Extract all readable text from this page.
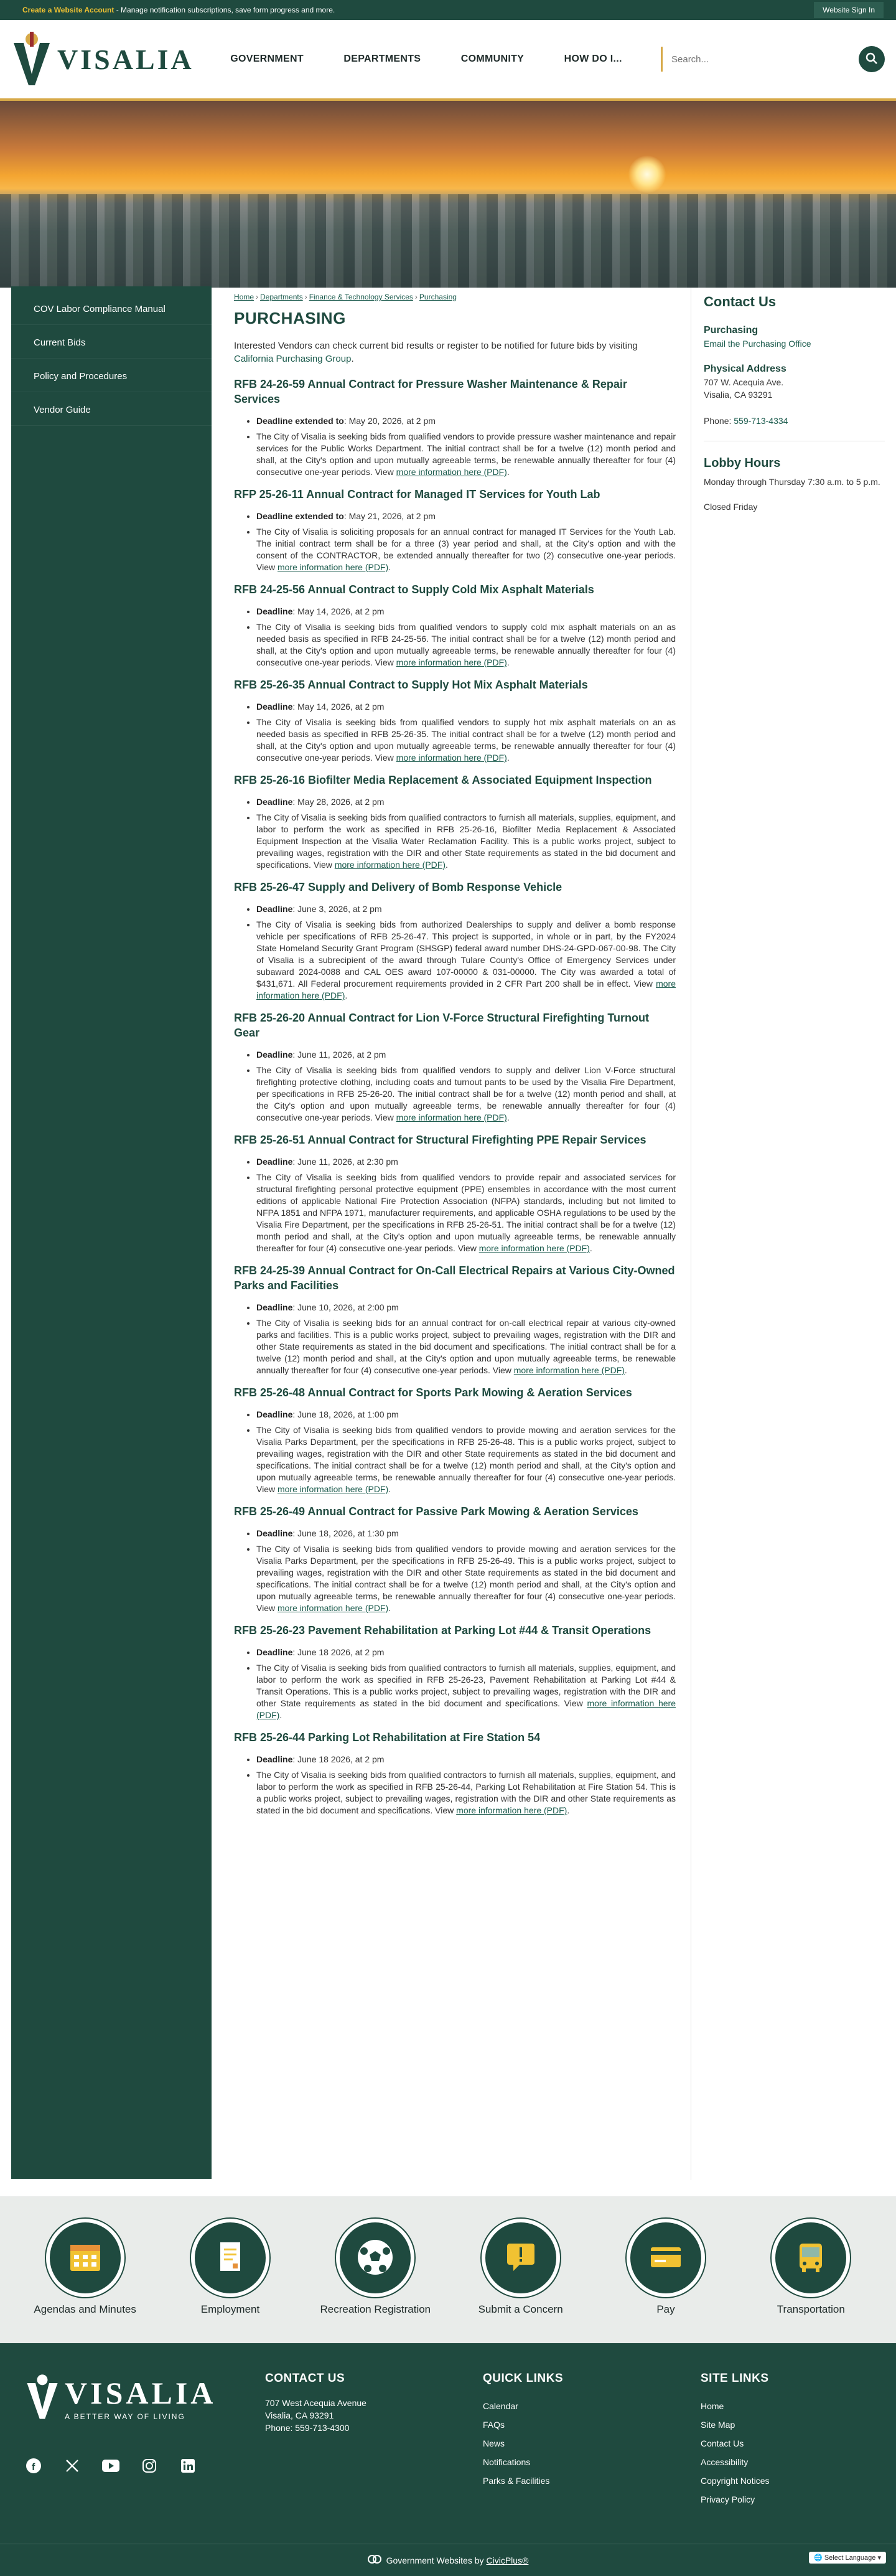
Create a Website Account - Manage notification subscriptions, save form progress and more.	Website Sign In
VISALIA	GOVERNMENT	DEPARTMENTS	COMMUNITY	HOW DO I...
Search...
COV Labor Compliance Manual
Current Bids
Policy and Procedures
Vendor Guide
Home › Departments › Finance & Technology Services › Purchasing
PURCHASING

Interested Vendors can check current bid results or register to be notified for future bids by visiting California Purchasing Group.

RFB 24-26-59 Annual Contract for Pressure Washer Maintenance & Repair Services
• Deadline extended to: May 20, 2026, at 2 pm
• The City of Visalia is seeking bids from qualified vendors to provide pressure washer maintenance and repair services for the Public Works Department. The initial contract shall be for a twelve (12) month period and shall, at the City's option and upon mutually agreeable terms, be renewable annually thereafter for four (4) consecutive one-year periods. View more information here (PDF).
RFP 25-26-11 Annual Contract for Managed IT Services for Youth Lab
• Deadline extended to: May 21, 2026, at 2 pm
• The City of Visalia is soliciting proposals for an annual contract for managed IT Services for the Youth Lab. The initial contract term shall be for a three (3) year period and shall, at the City's option and with the consent of the CONTRACTOR, be extended annually thereafter for two (2) consecutive one-year periods. View more information here (PDF).
RFB 24-25-56 Annual Contract to Supply Cold Mix Asphalt Materials
• Deadline: May 14, 2026, at 2 pm
• The City of Visalia is seeking bids from qualified vendors to supply cold mix asphalt materials on an as needed basis as specified in RFB 24-25-56. The initial contract shall be for a twelve (12) month period and shall, at the City's option and upon mutually agreeable terms, be renewable annually thereafter for four (4) consecutive one-year periods. View more information here (PDF).
RFB 25-26-35 Annual Contract to Supply Hot Mix Asphalt Materials
• Deadline: May 14, 2026, at 2 pm
• The City of Visalia is seeking bids from qualified vendors to supply hot mix asphalt materials on an as needed basis as specified in RFB 25-26-35. The initial contract shall be for a twelve (12) month period and shall, at the City's option and upon mutually agreeable terms, be renewable annually thereafter for four (4) consecutive one-year periods. View more information here (PDF).
RFB 25-26-16 Biofilter Media Replacement & Associated Equipment Inspection
• Deadline: May 28, 2026, at 2 pm
• The City of Visalia is seeking bids from qualified contractors to furnish all materials, supplies, equipment, and labor to perform the work as specified in RFB 25-26-16, Biofilter Media Replacement & Associated Equipment Inspection at the Visalia Water Reclamation Facility. This is a public works project, subject to prevailing wages, registration with the DIR and other State requirements as stated in the bid document and specifications. View more information here (PDF).
RFB 25-26-47 Supply and Delivery of Bomb Response Vehicle
• Deadline: June 3, 2026, at 2 pm
• The City of Visalia is seeking bids from authorized Dealerships to supply and deliver a bomb response vehicle per specifications of RFB 25-26-47. This project is supported, in whole or in part, by the FY2024 State Homeland Security Grant Program (SHSGP) federal award number DHS-24-GPD-067-00-98. The City of Visalia is a subrecipient of the award through Tulare County's Office of Emergency Services under subaward 2024-0088 and CAL OES award 107-00000 & 031-00000. The City was awarded a total of $431,671. All Federal procurement requirements provided in 2 CFR Part 200 shall be in effect. View more information here (PDF).
RFB 25-26-20 Annual Contract for Lion V-Force Structural Firefighting Turnout Gear
• Deadline: June 11, 2026, at 2 pm
• The City of Visalia is seeking bids from qualified vendors to supply and deliver Lion V-Force structural firefighting protective clothing, including coats and turnout pants to be used by the Visalia Fire Department, per specifications in RFB 25-26-20. The initial contract shall be for a twelve (12) month period and shall, at the City's option and upon mutually agreeable terms, be renewable annually thereafter for four (4) consecutive one-year periods. View more information here (PDF).
RFB 25-26-51 Annual Contract for Structural Firefighting PPE Repair Services
• Deadline: June 11, 2026, at 2:30 pm
• The City of Visalia is seeking bids from qualified vendors to provide repair and associated services for structural firefighting personal protective equipment (PPE) ensembles in accordance with the most current editions of applicable National Fire Protection Association (NFPA) standards, including but not limited to NFPA 1851 and NFPA 1971, manufacturer requirements, and applicable OSHA regulations to be used by the Visalia Fire Department, per the specifications in RFB 25-26-51. The initial contract shall be for a twelve (12) month period and shall, at the City's option and upon mutually agreeable terms, be renewable annually thereafter for four (4) consecutive one-year periods. View more information here (PDF).
RFB 24-25-39 Annual Contract for On-Call Electrical Repairs at Various City-Owned Parks and Facilities
• Deadline: June 10, 2026, at 2:00 pm
• The City of Visalia is seeking bids for an annual contract for on-call electrical repair at various city-owned parks and facilities. This is a public works project, subject to prevailing wages, registration with the DIR and other State requirements as stated in the bid document and specifications. The initial contract shall be for a twelve (12) month period and shall, at the City's option and upon mutually agreeable terms, be renewable annually thereafter for four (4) consecutive one-year periods. View more information here (PDF).
RFB 25-26-48 Annual Contract for Sports Park Mowing & Aeration Services
• Deadline: June 18, 2026, at 1:00 pm
• The City of Visalia is seeking bids from qualified vendors to provide mowing and aeration services for the Visalia Parks Department, per the specifications in RFB 25-26-48. This is a public works project, subject to prevailing wages, registration with the DIR and other State requirements as stated in the bid document and specifications. The initial contract shall be for a twelve (12) month period and shall, at the City's option and upon mutually agreeable terms, be renewable annually thereafter for four (4) consecutive one-year periods. View more information here (PDF).
RFB 25-26-49 Annual Contract for Passive Park Mowing & Aeration Services
• Deadline: June 18, 2026, at 1:30 pm
• The City of Visalia is seeking bids from qualified vendors to provide mowing and aeration services for the Visalia Parks Department, per the specifications in RFB 25-26-49. This is a public works project, subject to prevailing wages, registration with the DIR and other State requirements as stated in the bid document and specifications. The initial contract shall be for a twelve (12) month period and shall, at the City's option and upon mutually agreeable terms, be renewable annually thereafter for four (4) consecutive one-year periods. View more information here (PDF).
RFB 25-26-23 Pavement Rehabilitation at Parking Lot #44 & Transit Operations
• Deadline: June 18 2026, at 2 pm
• The City of Visalia is seeking bids from qualified contractors to furnish all materials, supplies, equipment, and labor to perform the work as specified in RFB 25-26-23, Pavement Rehabilitation at Parking Lot #44 & Transit Operations. This is a public works project, subject to prevailing wages, registration with the DIR and other State requirements as stated in the bid document and specifications. View more information here (PDF).
RFB 25-26-44 Parking Lot Rehabilitation at Fire Station 54
• Deadline: June 18 2026, at 2 pm
• The City of Visalia is seeking bids from qualified contractors to furnish all materials, supplies, equipment, and labor to perform the work as specified in RFB 25-26-44, Parking Lot Rehabilitation at Fire Station 54. This is a public works project, subject to prevailing wages, registration with the DIR and other State requirements as stated in the bid document and specifications. View more information here (PDF).
Contact Us
Purchasing

Email the Purchasing Office

Physical Address

707 W. Acequia Ave.

Visalia, CA 93291

Phone: 559-713-4334

Lobby Hours

Monday through Thursday 7:30 a.m. to 5 p.m.

Closed Friday

Agendas and Minutes	Employment	Recreation Registration	Submit a Concern	Pay	Transportation
VISALIA
A BETTER WAY OF LIVING
f
CONTACT US

707 West Acequia Avenue

Visalia, CA 93291

Phone: 559-713-4300

QUICK LINKS
Calendar
FAQs
News
Notifications
Parks & Facilities
SITE LINKS
Home
Site Map
Contact Us
Accessibility
Copyright Notices
Privacy Policy
Government Websites by CivicPlus®	🌐 Select Language ▾
